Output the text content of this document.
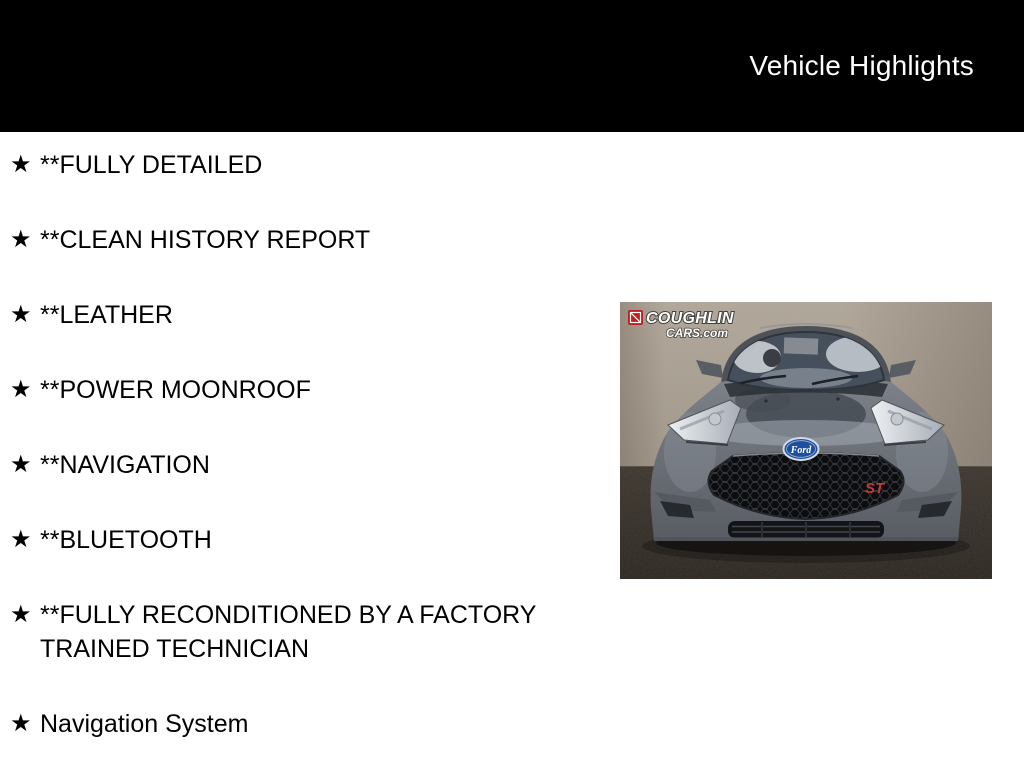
Vehicle Highlights
★ **FULLY DETAILED
★ **CLEAN HISTORY REPORT
★ **LEATHER
★ **POWER MOONROOF
★ **NAVIGATION
★ **BLUETOOTH
★ **FULLY RECONDITIONED BY A FACTORY TRAINED TECHNICIAN
★ Navigation System
Ford
ST
COUGHLIN
CARS.com
